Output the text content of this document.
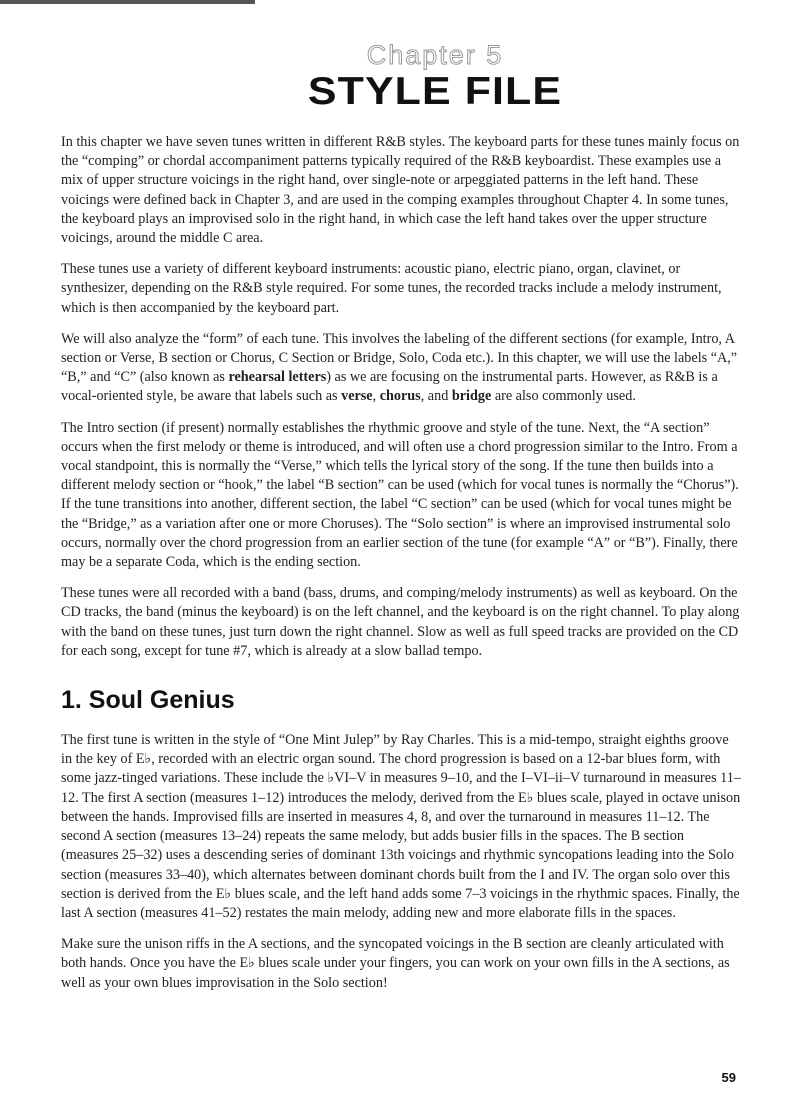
Chapter 5
STYLE FILE

In this chapter we have seven tunes written in different R&B styles. The keyboard parts for these tunes mainly focus on the “comping” or chordal accompaniment patterns typically required of the R&B keyboardist. These examples use a mix of upper structure voicings in the right hand, over single-note or arpeggiated patterns in the left hand. These voicings were defined back in Chapter 3, and are used in the comping examples throughout Chapter 4. In some tunes, the keyboard plays an improvised solo in the right hand, in which case the left hand takes over the upper structure voicings, around the middle C area.

These tunes use a variety of different keyboard instruments: acoustic piano, electric piano, organ, clavinet, or synthesizer, depending on the R&B style required. For some tunes, the recorded tracks include a melody instrument, which is then accompanied by the keyboard part.

We will also analyze the “form” of each tune. This involves the labeling of the different sections (for example, Intro, A section or Verse, B section or Chorus, C Section or Bridge, Solo, Coda etc.). In this chapter, we will use the labels “A,” “B,” and “C” (also known as rehearsal letters) as we are focusing on the instrumental parts. However, as R&B is a vocal-oriented style, be aware that labels such as verse, chorus, and bridge are also commonly used.

The Intro section (if present) normally establishes the rhythmic groove and style of the tune. Next, the “A section” occurs when the first melody or theme is introduced, and will often use a chord progression similar to the Intro. From a vocal standpoint, this is normally the “Verse,” which tells the lyrical story of the song. If the tune then builds into a different melody section or “hook,” the label “B section” can be used (which for vocal tunes is normally the “Chorus”). If the tune transitions into another, different section, the label “C section” can be used (which for vocal tunes might be the “Bridge,” as a variation after one or more Choruses). The “Solo section” is where an improvised instrumental solo occurs, normally over the chord progression from an earlier section of the tune (for example “A” or “B”). Finally, there may be a separate Coda, which is the ending section.

These tunes were all recorded with a band (bass, drums, and comping/melody instruments) as well as keyboard. On the CD tracks, the band (minus the keyboard) is on the left channel, and the keyboard is on the right channel. To play along with the band on these tunes, just turn down the right channel. Slow as well as full speed tracks are provided on the CD for each song, except for tune #7, which is already at a slow ballad tempo.

1. Soul Genius

The first tune is written in the style of “One Mint Julep” by Ray Charles. This is a mid-tempo, straight eighths groove in the key of E♭, recorded with an electric organ sound. The chord progression is based on a 12-bar blues form, with some jazz-tinged variations. These include the ♭VI–V in measures 9–10, and the I–VI–ii–V turnaround in measures 11–12. The first A section (measures 1–12) introduces the melody, derived from the E♭ blues scale, played in octave unison between the hands. Improvised fills are inserted in measures 4, 8, and over the turnaround in measures 11–12. The second A section (measures 13–24) repeats the same melody, but adds busier fills in the spaces. The B section (measures 25–32) uses a descending series of dominant 13th voicings and rhythmic syncopations leading into the Solo section (measures 33–40), which alternates between dominant chords built from the I and IV. The organ solo over this section is derived from the E♭ blues scale, and the left hand adds some 7–3 voicings in the rhythmic spaces. Finally, the last A section (measures 41–52) restates the main melody, adding new and more elaborate fills in the spaces.

Make sure the unison riffs in the A sections, and the syncopated voicings in the B section are cleanly articulated with both hands. Once you have the E♭ blues scale under your fingers, you can work on your own fills in the A sections, as well as your own blues improvisation in the Solo section!

59
